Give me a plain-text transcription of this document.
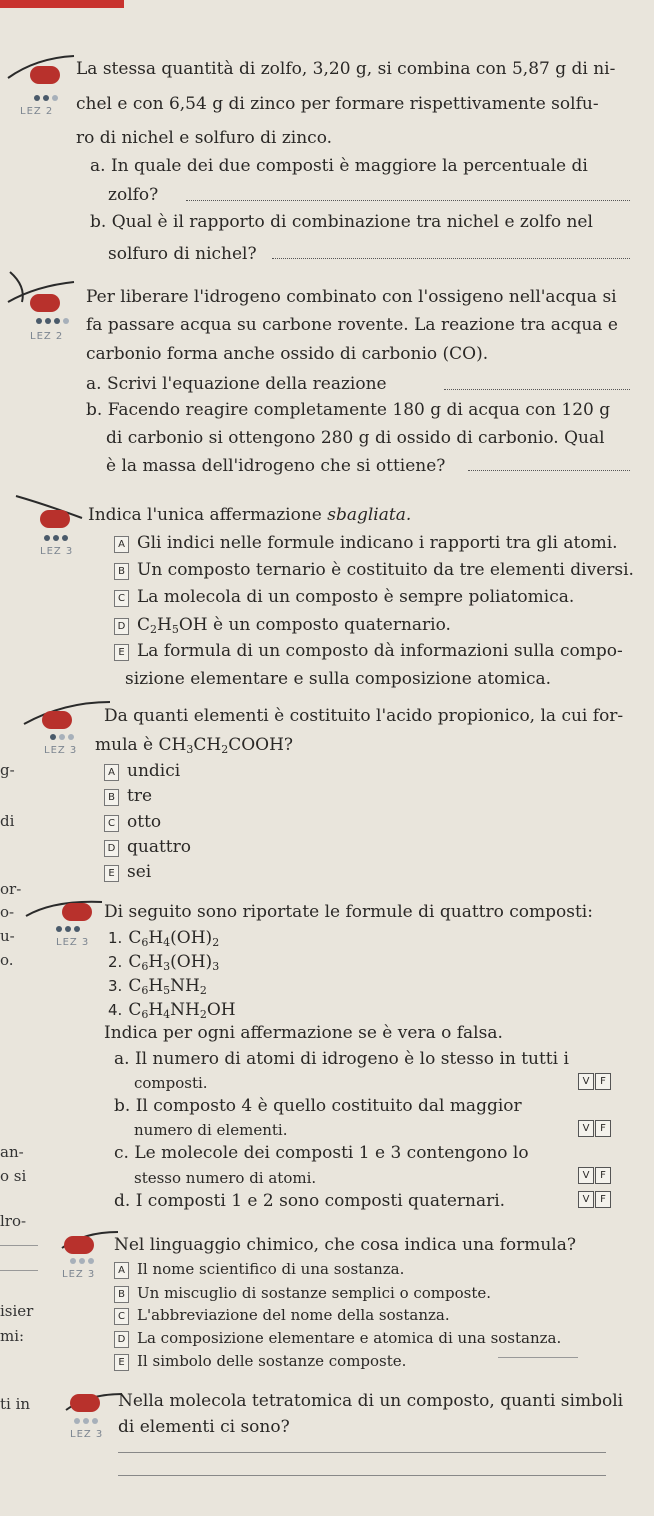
g-
di
or-
o-
u-
o.
an-
o si
lro-
isier
mi:
ti in
LEZ 2
La stessa quantità di zolfo, 3,20 g, si combina con 5,87 g di ni-
chel e con 6,54 g di zinco per formare rispettivamente solfu-
ro di nichel e solfuro di zinco.
a. In quale dei due composti è maggiore la percentuale di
zolfo?
b. Qual è il rapporto di combinazione tra nichel e zolfo nel
solfuro di nichel?
LEZ 2
Per liberare l'idrogeno combinato con l'ossigeno nell'acqua si
fa passare acqua su carbone rovente. La reazione tra acqua e
carbonio forma anche ossido di carbonio (CO).
a. Scrivi l'equazione della reazione
b. Facendo reagire completamente 180 g di acqua con 120 g
di carbonio si ottengono 280 g di ossido di carbonio. Qual
è la massa dell'idrogeno che si ottiene?
LEZ 3
Indica l'unica affermazione sbagliata.
A Gli indici nelle formule indicano i rapporti tra gli atomi.
B Un composto ternario è costituito da tre elementi diversi.
C La molecola di un composto è sempre poliatomica.
D $C_2H_5OH$ è un composto quaternario.
E La formula di un composto dà informazioni sulla compo-
sizione elementare e sulla composizione atomica.
LEZ 3
Da quanti elementi è costituito l'acido propionico, la cui for-
mula è $CH_3CH_2COOH$?
A undici
B tre
C otto
D quattro
E sei
LEZ 3
Di seguito sono riportate le formule di quattro composti:
1. $C_6H_4(OH)_2$
2. $C_6H_3(OH)_3$
3. $C_6H_5NH_2$
4. $C_6H_4NH_2OH$
Indica per ogni affermazione se è vera o falsa.
a. Il numero di atomi di idrogeno è lo stesso in tutti i
composti.	V	F
b. Il composto 4 è quello costituito dal maggior
numero di elementi.	V	F
c. Le molecole dei composti 1 e 3 contengono lo
stesso numero di atomi.	V	F
d. I composti 1 e 2 sono composti quaternari.	V	F
LEZ 3
Nel linguaggio chimico, che cosa indica una formula?
A Il nome scientifico di una sostanza.
B Un miscuglio di sostanze semplici o composte.
C L'abbreviazione del nome della sostanza.
D La composizione elementare e atomica di una sostanza.
E Il simbolo delle sostanze composte.
LEZ 3
Nella molecola tetratomica di un composto, quanti simboli
di elementi ci sono?
